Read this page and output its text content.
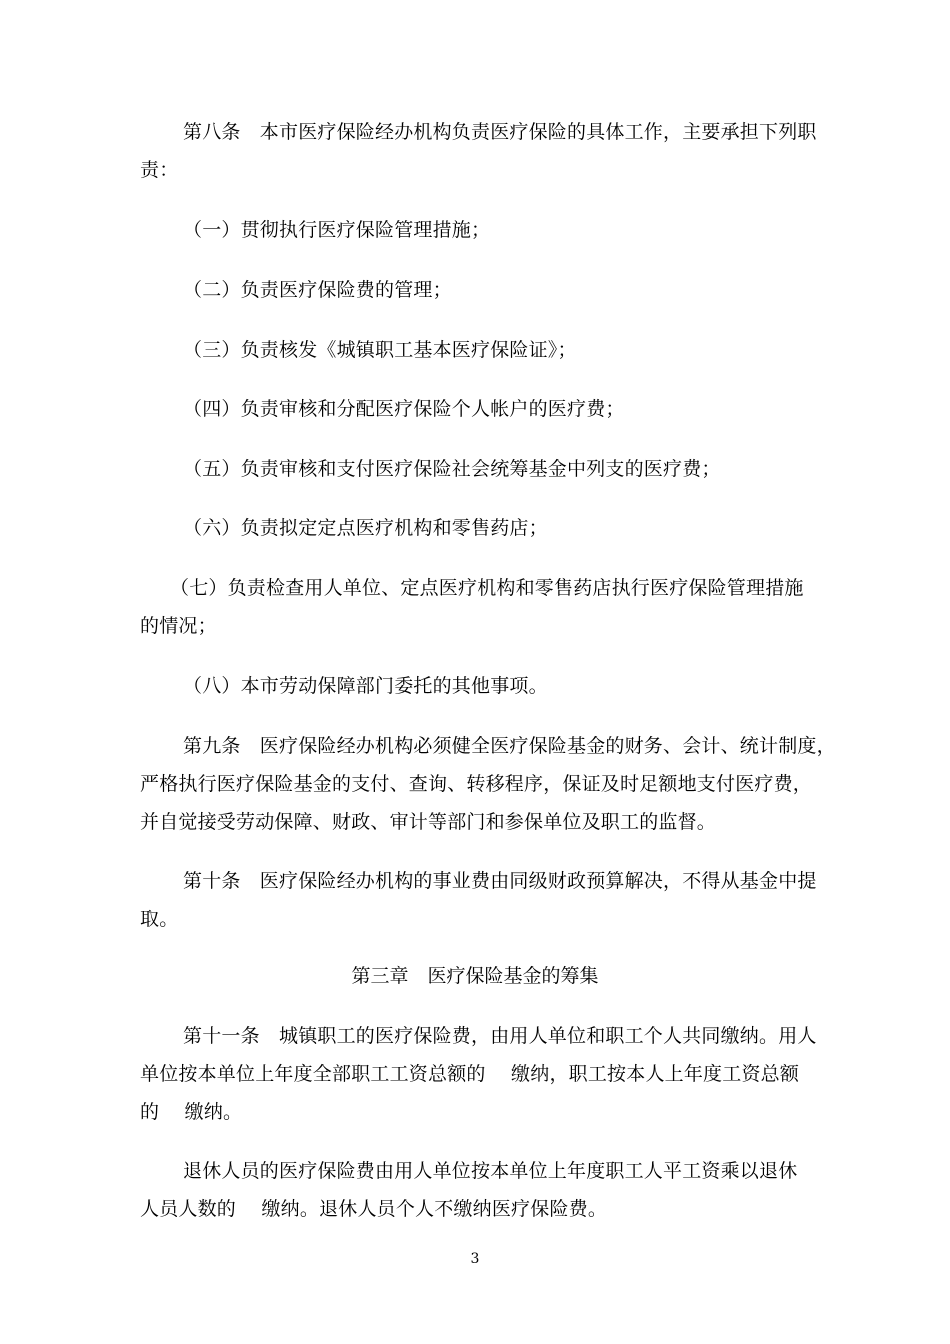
第八条　本市医疗保险经办机构负责医疗保险的具体工作，主要承担下列职
责：
（一）贯彻执行医疗保险管理措施；
（二）负责医疗保险费的管理；
（三）负责核发《城镇职工基本医疗保险证》；
（四）负责审核和分配医疗保险个人帐户的医疗费；
（五）负责审核和支付医疗保险社会统筹基金中列支的医疗费；
（六）负责拟定定点医疗机构和零售药店；
（七）负责检查用人单位、定点医疗机构和零售药店执行医疗保险管理措施
的情况；
（八）本市劳动保障部门委托的其他事项。
第九条　医疗保险经办机构必须健全医疗保险基金的财务、会计、统计制度，
严格执行医疗保险基金的支付、查询、转移程序，保证及时足额地支付医疗费，
并自觉接受劳动保障、财政、审计等部门和参保单位及职工的监督。
第十条　医疗保险经办机构的事业费由同级财政预算解决，不得从基金中提
取。
第三章　医疗保险基金的筹集
第十一条　城镇职工的医疗保险费，由用人单位和职工个人共同缴纳。用人
单位按本单位上年度全部职工工资总额的　 缴纳，职工按本人上年度工资总额
的　 缴纳。
退休人员的医疗保险费由用人单位按本单位上年度职工人平工资乘以退休
人员人数的　 缴纳。退休人员个人不缴纳医疗保险费。
3
